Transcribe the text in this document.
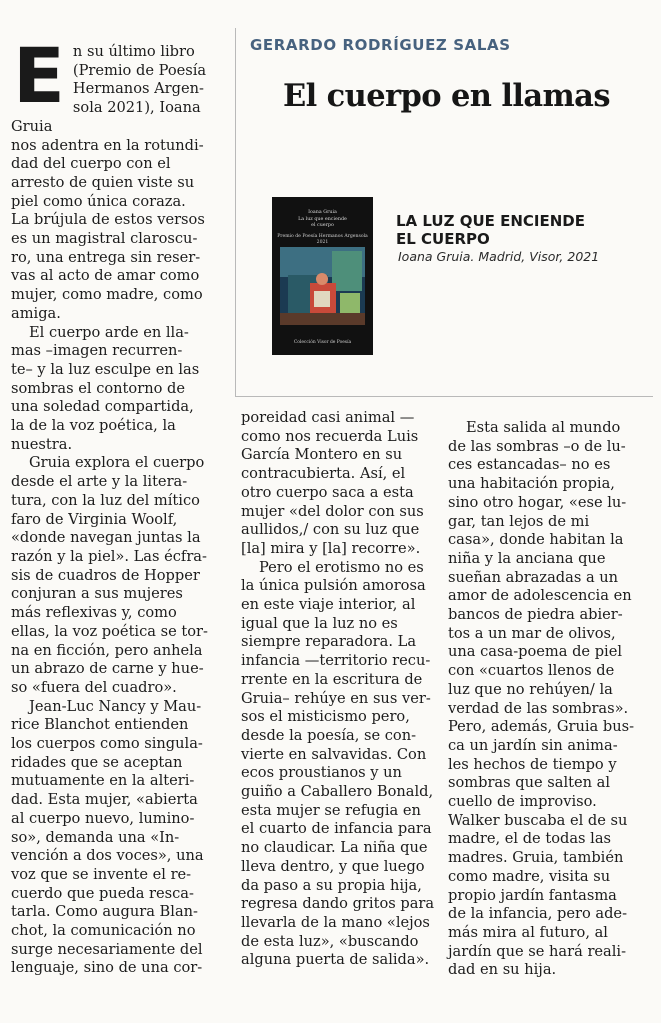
GERARDO RODRÍGUEZ SALAS
El cuerpo en llamas
Ioana Gruia
La luz que enciende
el cuerpo
Premio de Poesía Hermanos Argensola 2021
Colección Visor de Poesía
LA LUZ QUE ENCIENDE
EL CUERPO
Ioana Gruia. Madrid, Visor, 2021
E n su último libro
(Premio de Poesía
Hermanos Argen-
sola 2021), Ioana Gruia
nos adentra en la rotundi-
dad del cuerpo con el
arresto de quien viste su
piel como única coraza.
La brújula de estos versos
es un magistral claroscu-
ro, una entrega sin reser-
vas al acto de amar como
mujer, como madre, como
amiga.

El cuerpo arde en lla-
mas –imagen recurren-
te– y la luz esculpe en las
sombras el contorno de
una soledad compartida,
la de la voz poética, la
nuestra.

Gruia explora el cuerpo
desde el arte y la litera-
tura, con la luz del mítico
faro de Virginia Woolf,
«donde navegan juntas la
razón y la piel». Las écfra-
sis de cuadros de Hopper
conjuran a sus mujeres
más reflexivas y, como
ellas, la voz poética se tor-
na en ficción, pero anhela
un abrazo de carne y hue-
so «fuera del cuadro».

Jean-Luc Nancy y Mau-
rice Blanchot entienden
los cuerpos como singula-
ridades que se aceptan
mutuamente en la alteri-
dad. Esta mujer, «abierta
al cuerpo nuevo, lumino-
so», demanda una «In-
vención a dos voces», una
voz que se invente el re-
cuerdo que pueda resca-
tarla. Como augura Blan-
chot, la comunicación no
surge necesariamente del
lenguaje, sino de una cor-

poreidad casi animal —
como nos recuerda Luis
García Montero en su
contracubierta. Así, el
otro cuerpo saca a esta
mujer «del dolor con sus
aullidos,/ con su luz que
[la] mira y [la] recorre».

Pero el erotismo no es
la única pulsión amorosa
en este viaje interior, al
igual que la luz no es
siempre reparadora. La
infancia —territorio recu-
rrente en la escritura de
Gruia– rehúye en sus ver-
sos el misticismo pero,
desde la poesía, se con-
vierte en salvavidas. Con
ecos proustianos y un
guiño a Caballero Bonald,
esta mujer se refugia en
el cuarto de infancia para
no claudicar. La niña que
lleva dentro, y que luego
da paso a su propia hija,
regresa dando gritos para
llevarla de la mano «lejos
de esta luz», «buscando
alguna puerta de salida».

Esta salida al mundo
de las sombras –o de lu-
ces estancadas– no es
una habitación propia,
sino otro hogar, «ese lu-
gar, tan lejos de mi
casa», donde habitan la
niña y la anciana que
sueñan abrazadas a un
amor de adolescencia en
bancos de piedra abier-
tos a un mar de olivos,
una casa-poema de piel
con «cuartos llenos de
luz que no rehúyen/ la
verdad de las sombras».
Pero, además, Gruia bus-
ca un jardín sin anima-
les hechos de tiempo y
sombras que salten al
cuello de improviso.
Walker buscaba el de su
madre, el de todas las
madres. Gruia, también
como madre, visita su
propio jardín fantasma
de la infancia, pero ade-
más mira al futuro, al
jardín que se hará reali-
dad en su hija.
